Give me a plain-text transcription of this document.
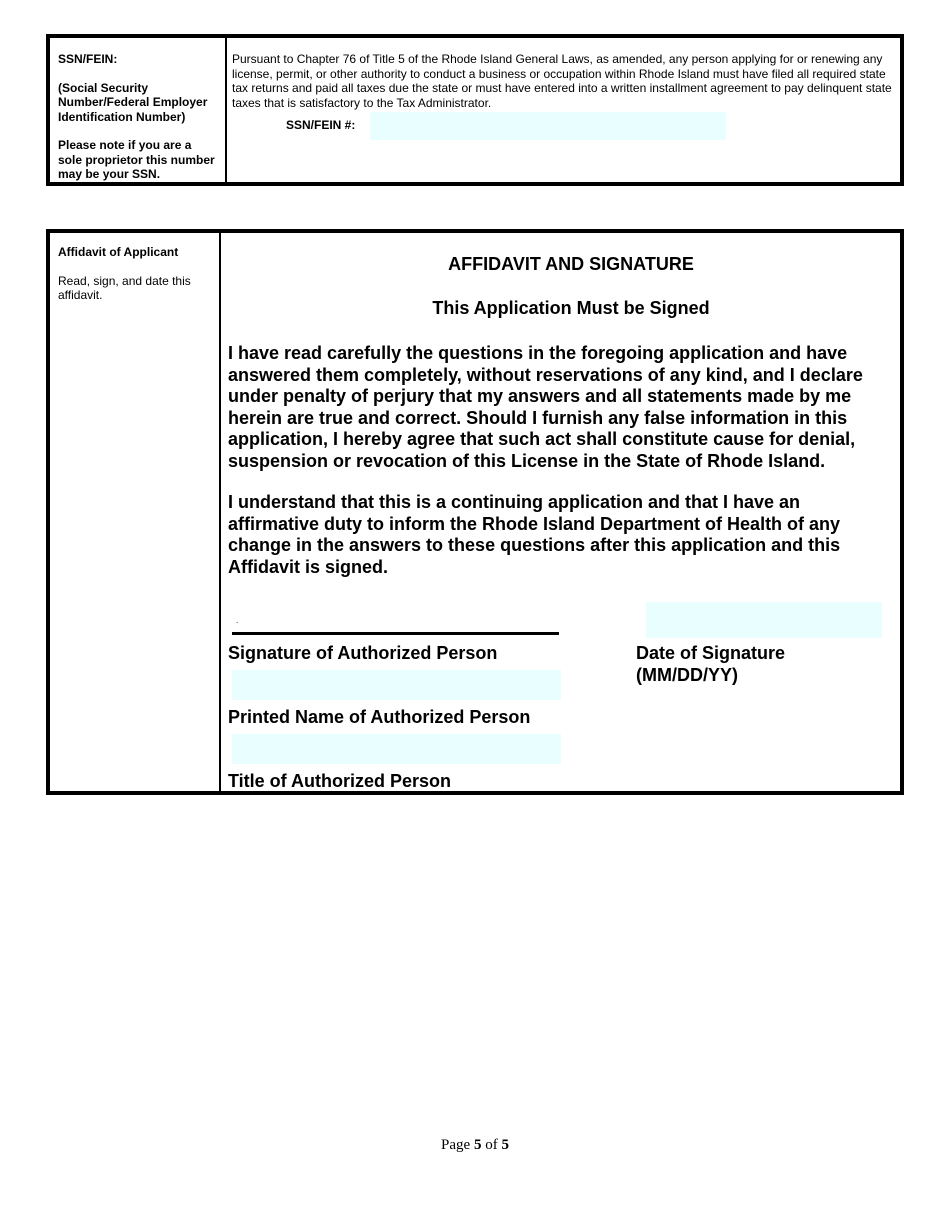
SSN/FEIN:
(Social Security Number/Federal Employer Identification Number)
Please note if you are a sole proprietor this number may be your SSN.
Pursuant to Chapter 76 of Title 5 of the Rhode Island General Laws, as amended, any person applying for or renewing any license, permit, or other authority to conduct a business or occupation within Rhode Island must have filed all required state tax returns and paid all taxes due the state or must have entered into a written installment agreement to pay delinquent state taxes that is satisfactory to the Tax Administrator.
SSN/FEIN #:
Affidavit of Applicant
Read, sign, and date this affidavit.
AFFIDAVIT AND SIGNATURE
This Application Must be Signed
I have read carefully the questions in the foregoing application and have answered them completely, without reservations of any kind, and I declare under penalty of perjury that my answers and all statements made by me herein are true and correct. Should I furnish any false information in this application, I hereby agree that such act shall constitute cause for denial, suspension or revocation of this License in the State of Rhode Island.
I understand that this is a continuing application and that I have an affirmative duty to inform the Rhode Island Department of Health of any change in the answers to these questions after this application and this Affidavit is signed.
.
Signature of Authorized Person	Date of Signature (MM/DD/YY)
Printed Name of Authorized Person
Title of Authorized Person
Page 5 of 5
